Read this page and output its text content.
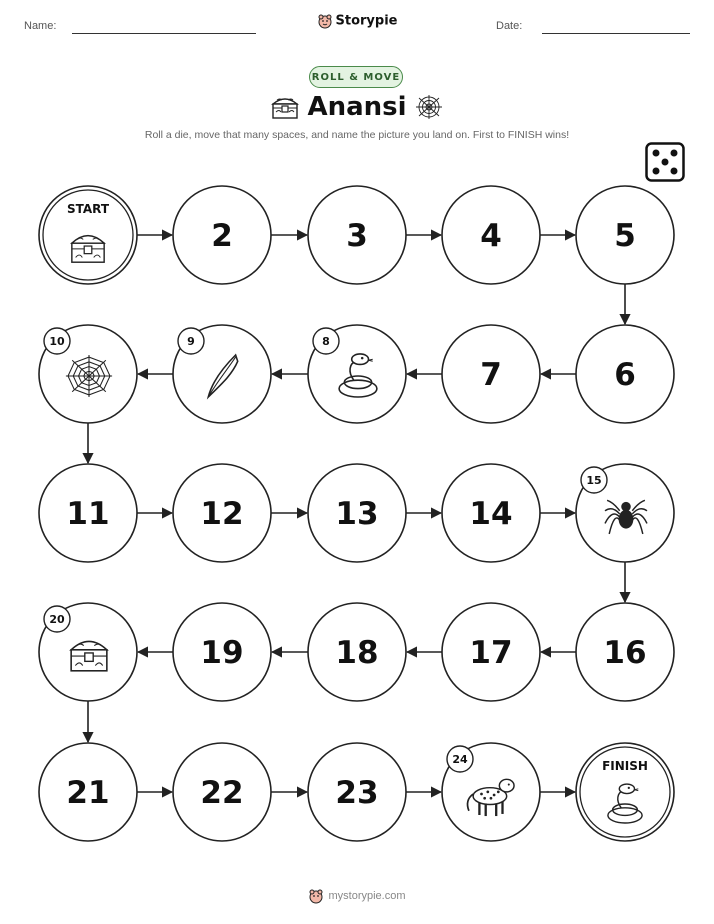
Name:	Storypie	Date:
ROLL & MOVE
Anansi
Roll a die, move that many spaces, and name the picture you land on. First to FINISH wins!
START
2	3	4	5
6
7
8
9
10
11	12	13	14
15
16
17
18
19
20
21	22	23
24	FINISH
mystorypie.com
